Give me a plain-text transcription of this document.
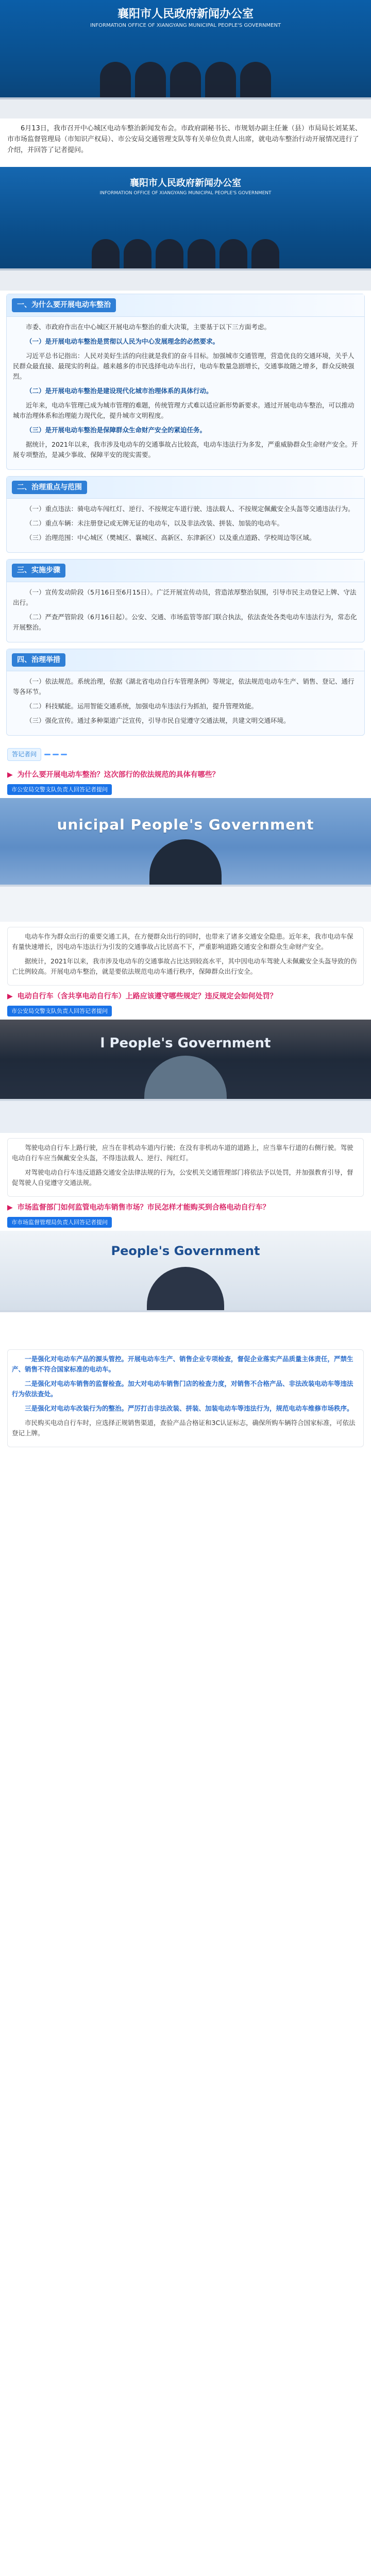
襄阳市人民政府新闻办公室
INFORMATION OFFICE OF XIANGYANG MUNICIPAL PEOPLE'S GOVERNMENT

6月13日，我市召开中心城区电动车整治新闻发布会。市政府副秘书长、市规划办副主任兼（县）市局局长刘某某、市市场监督管理局（市知识产权局）、市公安局交通管理支队等有关单位负责人出席，就电动车整治行动开展情况进行了介绍，并回答了记者提问。

襄阳市人民政府新闻办公室
INFORMATION OFFICE OF XIANGYANG MUNICIPAL PEOPLE'S GOVERNMENT
一、为什么要开展电动车整治

市委、市政府作出在中心城区开展电动车整治的重大决策，主要基于以下三方面考虑。

（一）是开展电动车整治是贯彻以人民为中心发展理念的必然要求。

习近平总书记指出：人民对美好生活的向往就是我们的奋斗目标。加强城市交通管理，营造优良的交通环境，关乎人民群众最直接、最现实的利益。越来越多的市民选择电动车出行，电动车数量急剧增长，交通事故随之增多，群众反映强烈。

（二）是开展电动车整治是建设现代化城市治理体系的具体行动。

近年来，电动车管理已成为城市管理的难题，传统管理方式难以适应新形势新要求。通过开展电动车整治，可以推动城市治理体系和治理能力现代化，提升城市文明程度。

（三）是开展电动车整治是保障群众生命财产安全的紧迫任务。

据统计，2021年以来，我市涉及电动车的交通事故占比较高，电动车违法行为多发，严重威胁群众生命财产安全。开展专项整治，是减少事故、保障平安的现实需要。

二、治理重点与范围

（一）重点违法：骑电动车闯红灯、逆行、不按规定车道行驶、违法载人、不按规定佩戴安全头盔等交通违法行为。

（二）重点车辆：未注册登记或无牌无证的电动车，以及非法改装、拼装、加装的电动车。

（三）治理范围：中心城区（樊城区、襄城区、高新区、东津新区）以及重点道路、学校周边等区域。

三、实施步骤

（一）宣传发动阶段（5月16日至6月15日）。广泛开展宣传动员，营造浓厚整治氛围，引导市民主动登记上牌、守法出行。

（二）严查严管阶段（6月16日起）。公安、交通、市场监管等部门联合执法，依法查处各类电动车违法行为，常态化开展整治。

四、治理举措

（一）依法规范。系统治理，依据《湖北省电动自行车管理条例》等规定，依法规范电动车生产、销售、登记、通行等各环节。

（二）科技赋能。运用智能交通系统，加强电动车违法行为抓拍，提升管理效能。

（三）强化宣传。通过多种渠道广泛宣传，引导市民自觉遵守交通法规，共建文明交通环境。

答记者问
▶ 为什么要开展电动车整治？这次部行的依法规范的具体有哪些？
市公安局交警支队负责人回答记者提问
unicipal People's Government

电动车作为群众出行的重要交通工具，在方便群众出行的同时，也带来了诸多交通安全隐患。近年来，我市电动车保有量快速增长，因电动车违法行为引发的交通事故占比居高不下，严重影响道路交通安全和群众生命财产安全。

据统计，2021年以来，我市涉及电动车的交通事故占比达到较高水平，其中因电动车驾驶人未佩戴安全头盔导致的伤亡比例较高。开展电动车整治，就是要依法规范电动车通行秩序，保障群众出行安全。

▶ 电动自行车（含共享电动自行车）上路应该遵守哪些规定？违反规定会如何处罚？
市公安局交警支队负责人回答记者提问
l People's Government

驾驶电动自行车上路行驶，应当在非机动车道内行驶；在没有非机动车道的道路上，应当靠车行道的右侧行驶。驾驶电动自行车应当佩戴安全头盔，不得违法载人、逆行、闯红灯。

对驾驶电动自行车违反道路交通安全法律法规的行为，公安机关交通管理部门将依法予以处罚，并加强教育引导，督促驾驶人自觉遵守交通法规。

▶ 市场监督部门如何监管电动车销售市场？市民怎样才能购买到合格电动自行车？
市市场监督管理局负责人回答记者提问
People's Government

一是强化对电动车产品的源头管控。开展电动车生产、销售企业专项检查，督促企业落实产品质量主体责任，严禁生产、销售不符合国家标准的电动车。

二是强化对电动车销售的监督检查。加大对电动车销售门店的检查力度，对销售不合格产品、非法改装电动车等违法行为依法查处。

三是强化对电动车改装行为的整治。严厉打击非法改装、拼装、加装电动车等违法行为，规范电动车维修市场秩序。

市民购买电动自行车时，应选择正规销售渠道，查验产品合格证和3C认证标志，确保所购车辆符合国家标准，可依法登记上牌。
